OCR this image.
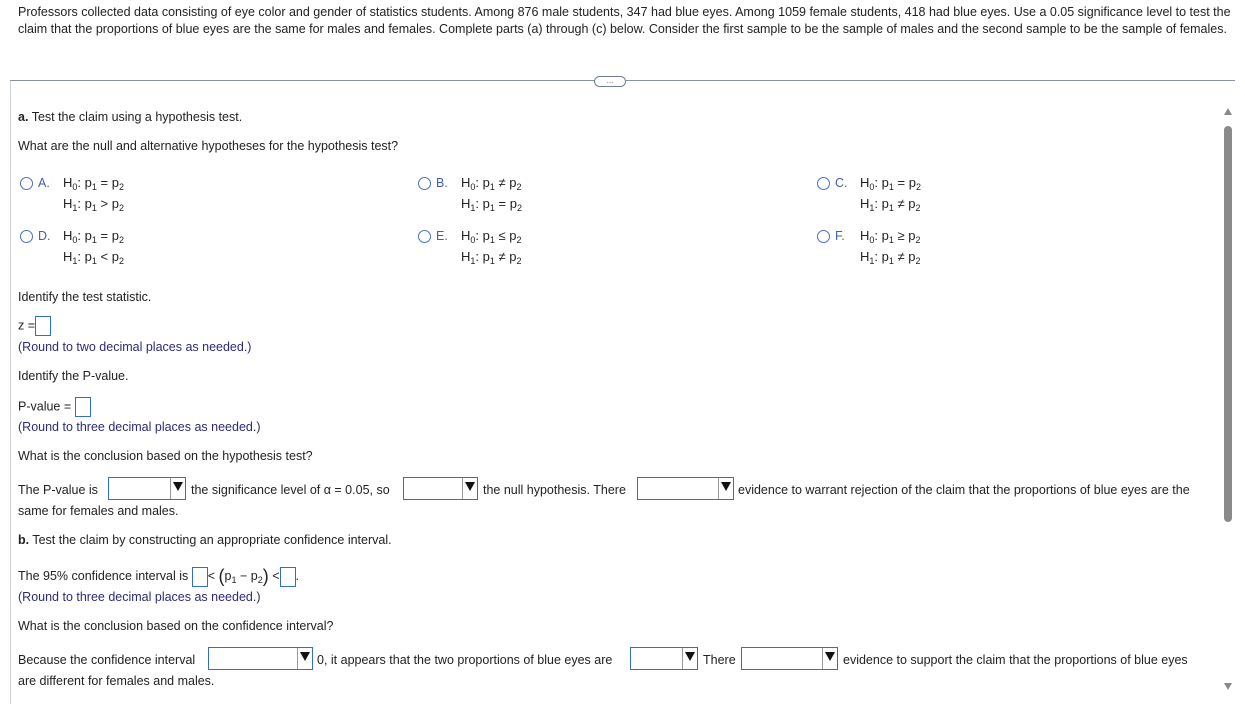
Professors collected data consisting of eye color and gender of statistics students. Among 876 male students, 347 had blue eyes. Among 1059 female students, 418 had blue eyes. Use a 0.05 significance level to test the claim that the proportions of blue eyes are the same for males and females. Complete parts (a) through (c) below. Consider the first sample to be the sample of males and the second sample to be the sample of females.
...
a. Test the claim using a hypothesis test.
What are the null and alternative hypotheses for the hypothesis test?
A. $H_0$: $p_1 = p_2$
$H_1$: $p_1 > p_2$
B. $H_0$: $p_1 \ne p_2$
$H_1$: $p_1 = p_2$
C. $H_0$: $p_1 = p_2$
$H_1$: $p_1 \ne p_2$
D. $H_0$: $p_1 = p_2$
$H_1$: $p_1 < p_2$
E. $H_0$: $p_1 \le p_2$
$H_1$: $p_1 \ne p_2$
F. $H_0$: $p_1 \ge p_2$
$H_1$: $p_1 \ne p_2$
Identify the test statistic.
z =
(Round to two decimal places as needed.)
Identify the P-value.
P-value =
(Round to three decimal places as needed.)
What is the conclusion based on the hypothesis test?
The P-value is	the significance level of α = 0.05, so	the null hypothesis. There	evidence to warrant rejection of the claim that the proportions of blue eyes are the
same for females and males.
b. Test the claim by constructing an appropriate confidence interval.
The 95% confidence interval is < $(p_1 - p_2)$ < .
(Round to three decimal places as needed.)
What is the conclusion based on the confidence interval?
Because the confidence interval	0, it appears that the two proportions of blue eyes are	There	evidence to support the claim that the proportions of blue eyes
are different for females and males.
